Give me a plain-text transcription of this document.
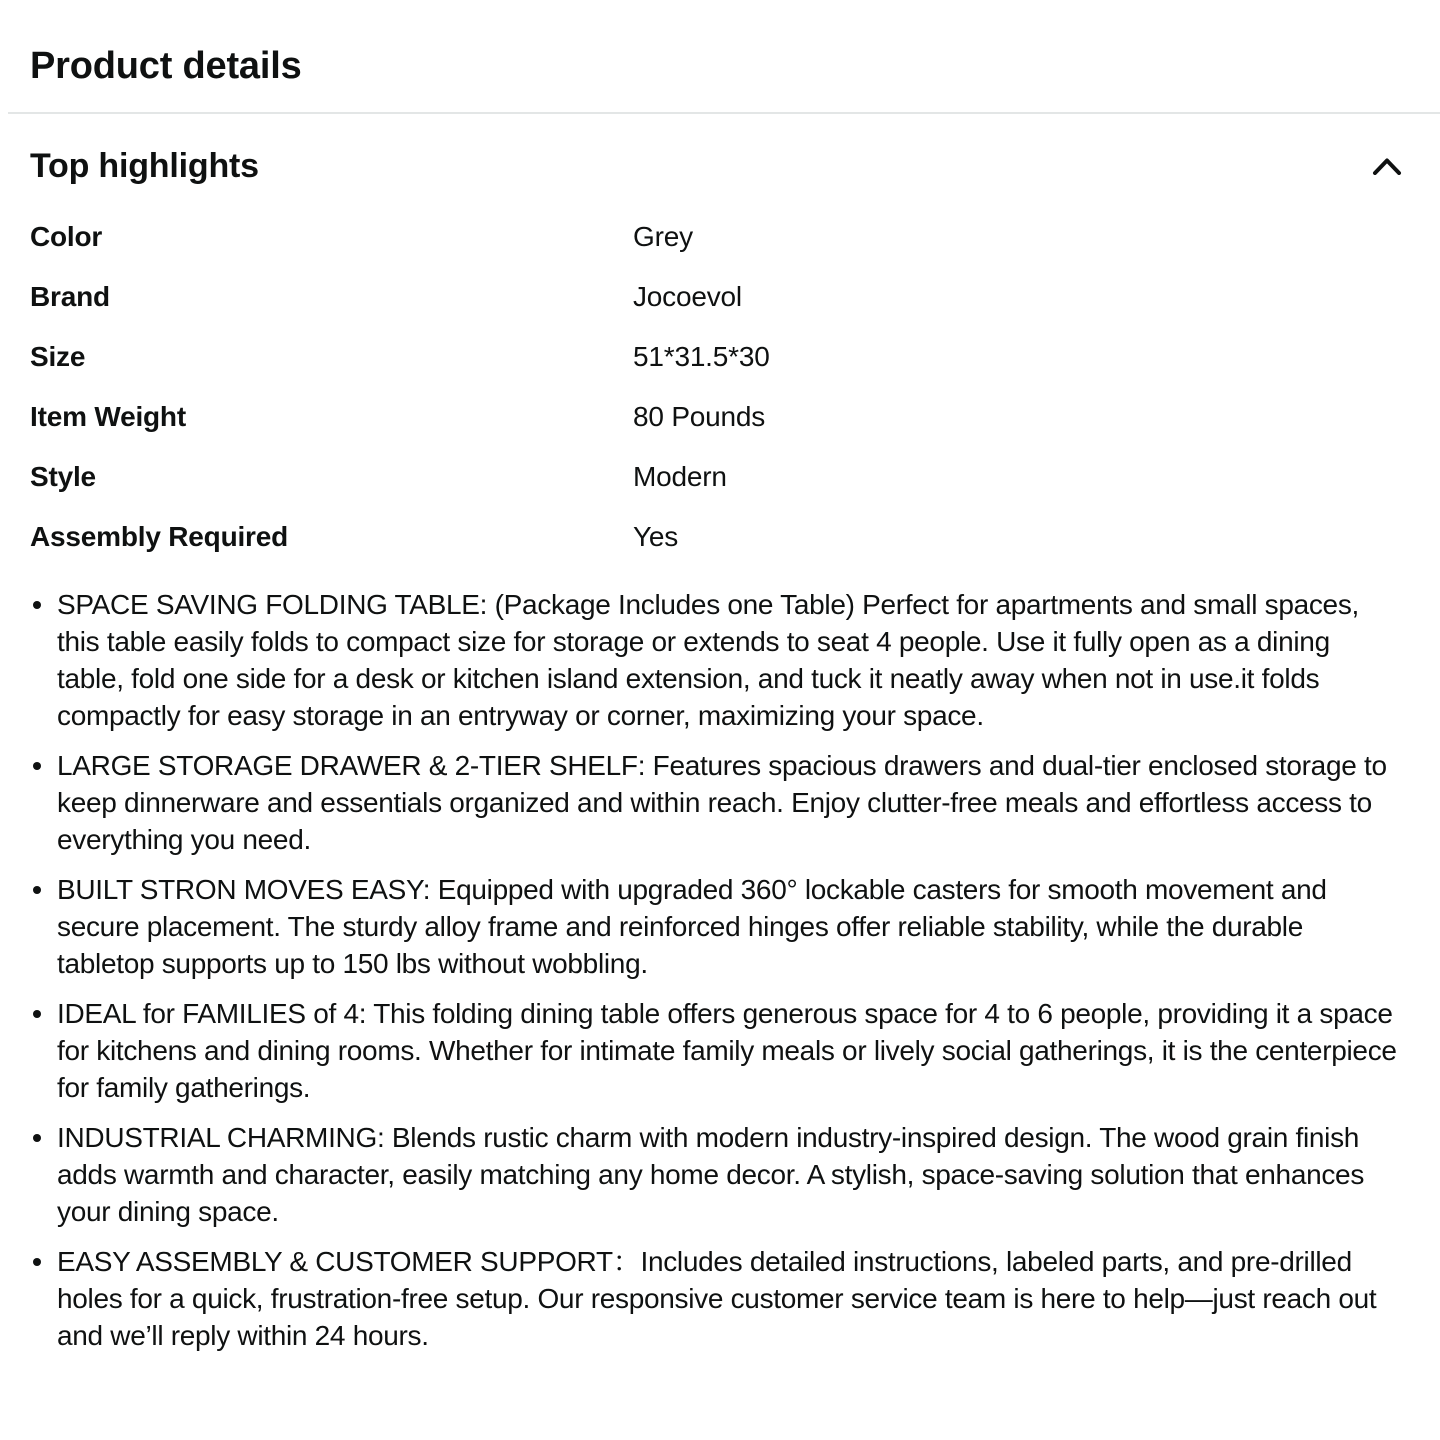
Product details
Top highlights
Color	Grey
Brand	Jocoevol
Size	51*31.5*30
Item Weight	80 Pounds
Style	Modern
Assembly Required	Yes
SPACE SAVING FOLDING TABLE: (Package Includes one Table) Perfect for apartments and small spaces, this table easily folds to compact size for storage or extends to seat 4 people. Use it fully open as a dining table, fold one side for a desk or kitchen island extension, and tuck it neatly away when not in use.it folds compactly for easy storage in an entryway or corner, maximizing your space.
LARGE STORAGE DRAWER & 2-TIER SHELF: Features spacious drawers and dual-tier enclosed storage to keep dinnerware and essentials organized and within reach. Enjoy clutter-free meals and effortless access to everything you need.
BUILT STRON MOVES EASY: Equipped with upgraded 360° lockable casters for smooth movement and secure placement. The sturdy alloy frame and reinforced hinges offer reliable stability, while the durable tabletop supports up to 150 lbs without wobbling.
IDEAL for FAMILIES of 4: This folding dining table offers generous space for 4 to 6 people, providing it a space for kitchens and dining rooms. Whether for intimate family meals or lively social gatherings, it is the centerpiece for family gatherings.
INDUSTRIAL CHARMING: Blends rustic charm with modern industry-inspired design. The wood grain finish adds warmth and character, easily matching any home decor. A stylish, space-saving solution that enhances your dining space.
EASY ASSEMBLY & CUSTOMER SUPPORT：Includes detailed instructions, labeled parts, and pre-drilled holes for a quick, frustration-free setup. Our responsive customer service team is here to help—just reach out and we’ll reply within 24 hours.
